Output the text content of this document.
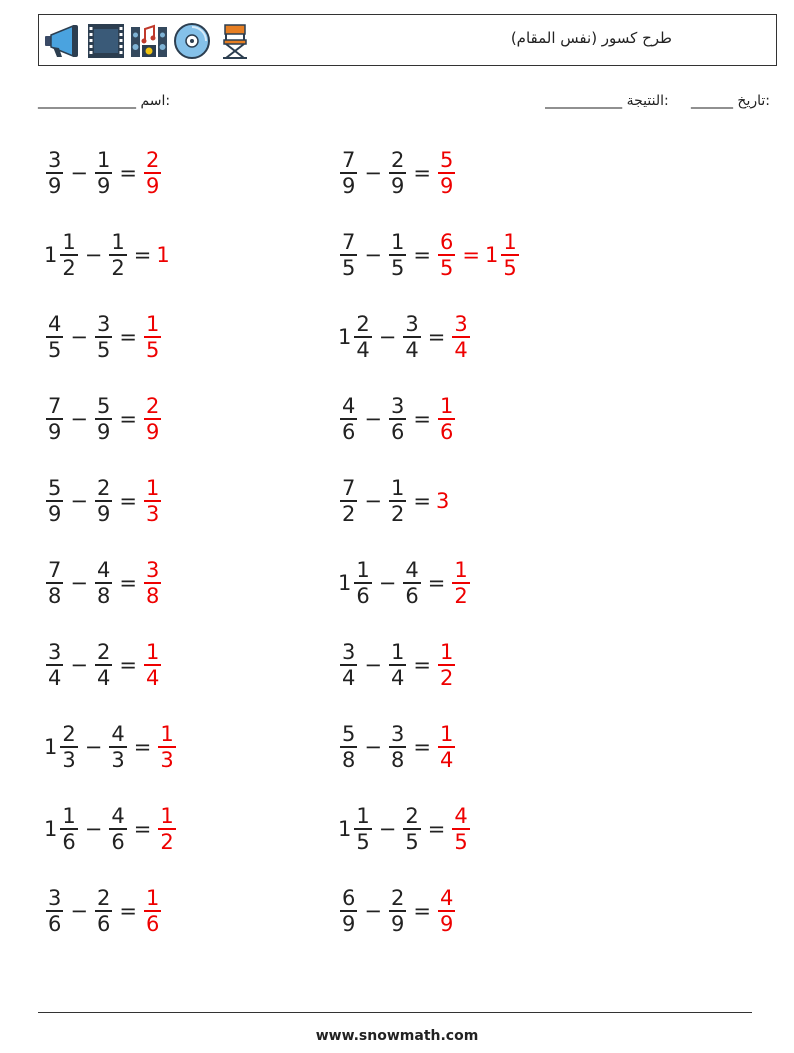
طرح كسور (نفس المقام)
:تاريخ ______     :النتيجة ___________
:اسم ______________
$\frac{3}{9} - \frac{1}{9} = \frac{2}{9}$	$\frac{7}{9} - \frac{2}{9} = \frac{5}{9}$
$1 \frac{1}{2} - \frac{1}{2} = 1$	$\frac{7}{5} - \frac{1}{5} = \frac{6}{5} = 1 \frac{1}{5}$
$\frac{4}{5} - \frac{3}{5} = \frac{1}{5}$	$1 \frac{2}{4} - \frac{3}{4} = \frac{3}{4}$
$\frac{7}{9} - \frac{5}{9} = \frac{2}{9}$	$\frac{4}{6} - \frac{3}{6} = \frac{1}{6}$
$\frac{5}{9} - \frac{2}{9} = \frac{1}{3}$	$\frac{7}{2} - \frac{1}{2} = 3$
$\frac{7}{8} - \frac{4}{8} = \frac{3}{8}$	$1 \frac{1}{6} - \frac{4}{6} = \frac{1}{2}$
$\frac{3}{4} - \frac{2}{4} = \frac{1}{4}$	$\frac{3}{4} - \frac{1}{4} = \frac{1}{2}$
$1 \frac{2}{3} - \frac{4}{3} = \frac{1}{3}$	$\frac{5}{8} - \frac{3}{8} = \frac{1}{4}$
$1 \frac{1}{6} - \frac{4}{6} = \frac{1}{2}$	$1 \frac{1}{5} - \frac{2}{5} = \frac{4}{5}$
$\frac{3}{6} - \frac{2}{6} = \frac{1}{6}$	$\frac{6}{9} - \frac{2}{9} = \frac{4}{9}$
www.snowmath.com
